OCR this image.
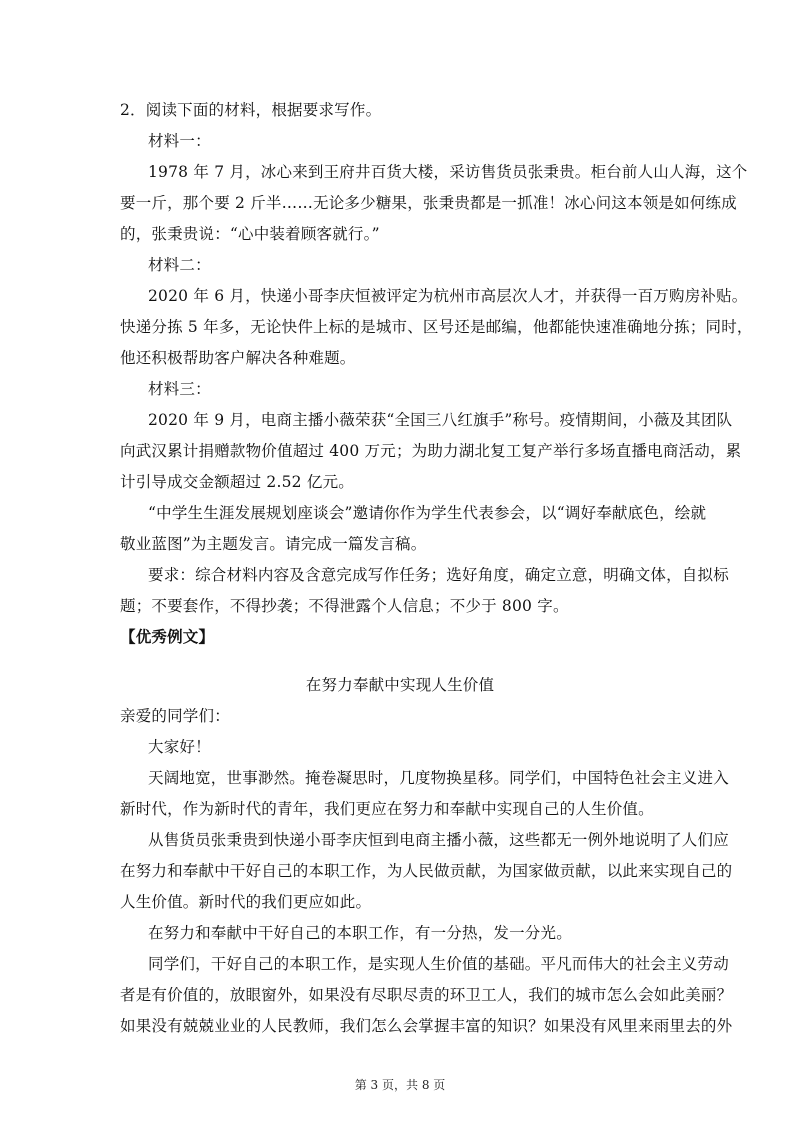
2．阅读下面的材料，根据要求写作。
材料一：
1978 年 7 月，冰心来到王府井百货大楼，采访售货员张秉贵。柜台前人山人海，这个
要一斤，那个要 2 斤半……无论多少糖果，张秉贵都是一抓准！冰心问这本领是如何练成
的，张秉贵说：“心中装着顾客就行。”
材料二：
2020 年 6 月，快递小哥李庆恒被评定为杭州市高层次人才，并获得一百万购房补贴。
快递分拣 5 年多，无论快件上标的是城市、区号还是邮编，他都能快速准确地分拣；同时，
他还积极帮助客户解决各种难题。
材料三：
2020 年 9 月，电商主播小薇荣获“全国三八红旗手”称号。疫情期间，小薇及其团队
向武汉累计捐赠款物价值超过 400 万元；为助力湖北复工复产举行多场直播电商活动，累
计引导成交金额超过 2.52 亿元。
“中学生生涯发展规划座谈会”邀请你作为学生代表参会，以“调好奉献底色，绘就
敬业蓝图”为主题发言。请完成一篇发言稿。
要求：综合材料内容及含意完成写作任务；选好角度，确定立意，明确文体，自拟标
题；不要套作，不得抄袭；不得泄露个人信息；不少于 800 字。
【优秀例文】
在努力奉献中实现人生价值
亲爱的同学们：
大家好！
天阔地宽，世事渺然。掩卷凝思时，几度物换星移。同学们，中国特色社会主义进入
新时代，作为新时代的青年，我们更应在努力和奉献中实现自己的人生价值。
从售货员张秉贵到快递小哥李庆恒到电商主播小薇，这些都无一例外地说明了人们应
在努力和奉献中干好自己的本职工作，为人民做贡献，为国家做贡献，以此来实现自己的
人生价值。新时代的我们更应如此。
在努力和奉献中干好自己的本职工作，有一分热，发一分光。
同学们，干好自己的本职工作，是实现人生价值的基础。平凡而伟大的社会主义劳动
者是有价值的，放眼窗外，如果没有尽职尽责的环卫工人，我们的城市怎么会如此美丽？
如果没有兢兢业业的人民教师，我们怎么会掌握丰富的知识？如果没有风里来雨里去的外
第 3 页，共 8 页
